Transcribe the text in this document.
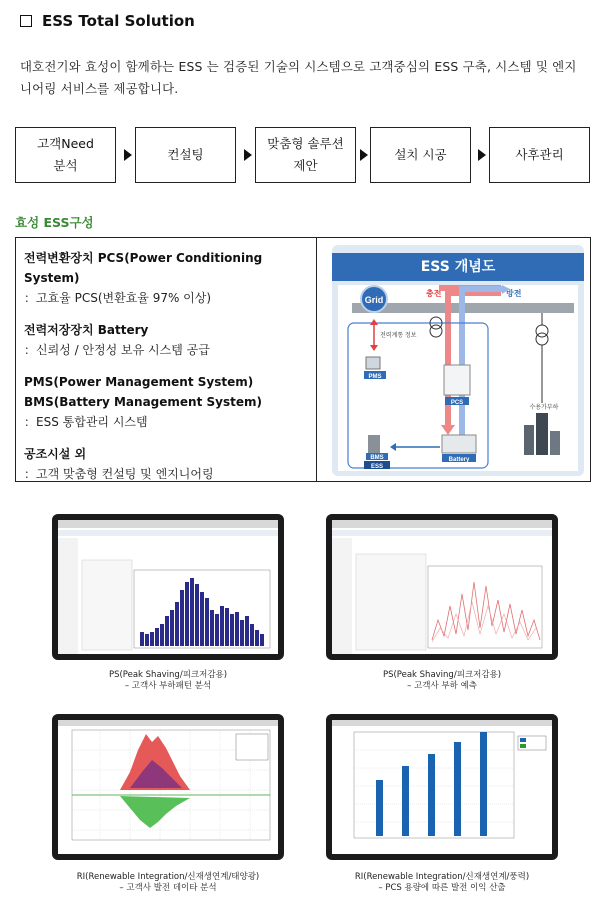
ESS Total Solution
대호전기와 효성이 함께하는 ESS 는 검증된 기술의 시스템으로 고객중심의 ESS 구축, 시스템 및 엔지니어링 서비스를 제공합니다.
고객Need
분석
컨설팅
맞춤형 솔루션
제안
설치 시공	사후관리
효성 ESS구성
전력변환장치 PCS(Power Conditioning System)
：고효율 PCS(변환효율 97% 이상)
전력저장장치 Battery
：신뢰성 / 안정성 보유 시스템 공급
PMS(Power Management System)
BMS(Battery Management System)
：ESS 통합관리 시스템
공조시설 외
：고객 맞춤형 컨설팅 및 엔지니어링
ESS 개념도
Grid
충전	방전
전력계통 정보
PMS
PCS
Battery
BMS
ESS
수용가부하
PS(Peak Shaving/피크저감용)
– 고객사 부하패턴 분석
PS(Peak Shaving/피크저감용)
– 고객사 부하 예측
RI(Renewable Integration/신재생연계/태양광)
– 고객사 발전 데이타 분석
RI(Renewable Integration/신재생연계/풍력)
– PCS 용량에 따른 발전 이익 산출
